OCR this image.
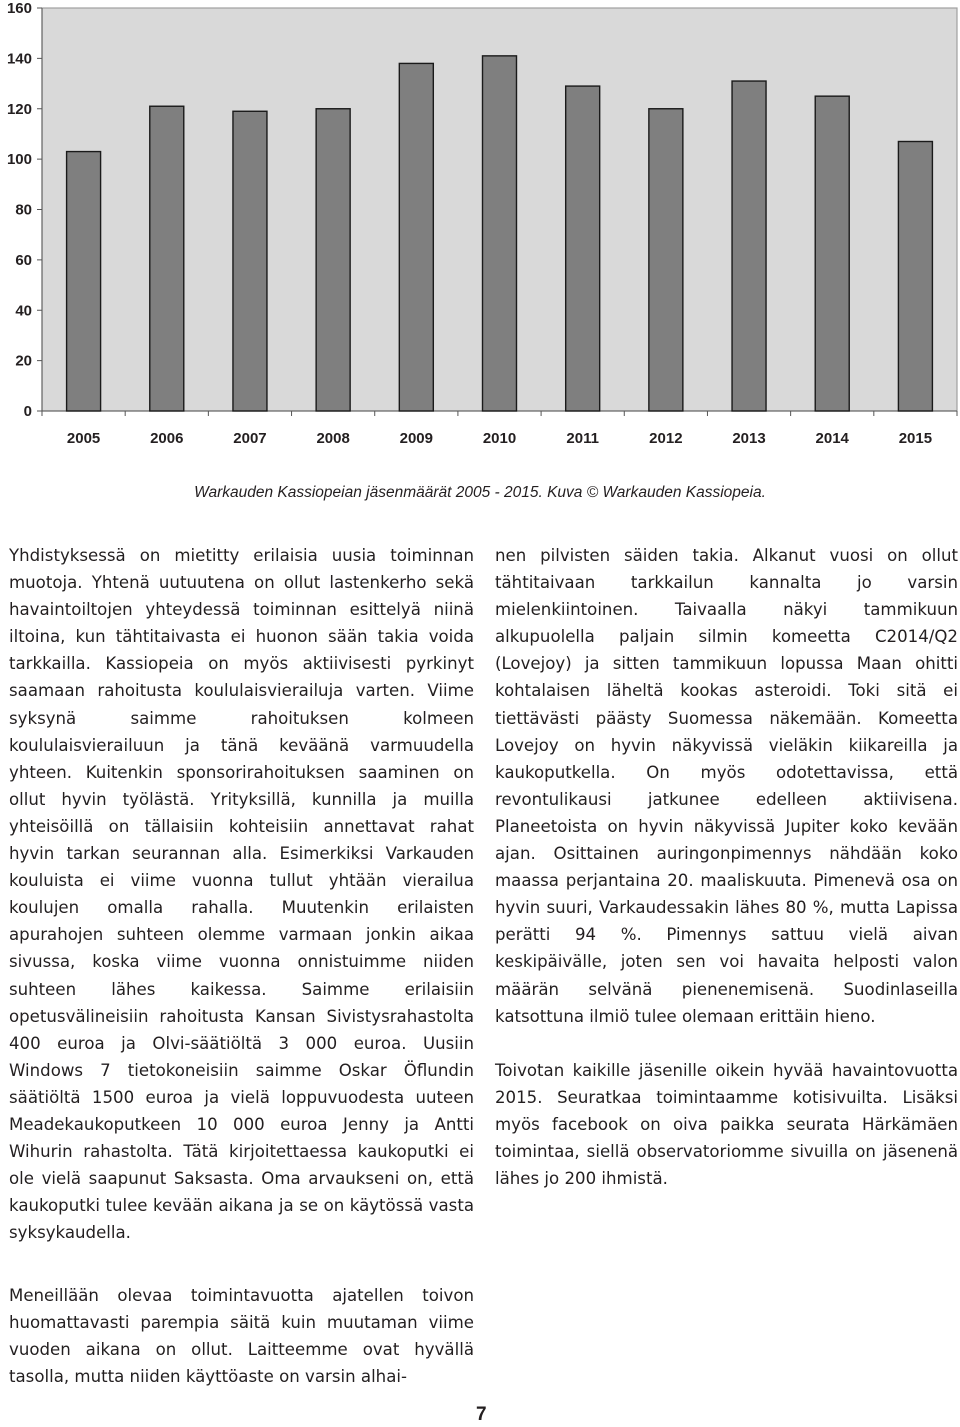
0
20
40
60
80
100
120
140
160
2005	2006	2007	2008	2009	2010	2011	2012	2013	2014	2015
Warkauden Kassiopeian jäsenmäärät 2005 - 2015. Kuva © Warkauden Kassiopeia.

Yhdistyksessä on mietitty erilaisia uusia toiminnan muotoja. Yhtenä uutuutena on ollut lastenkerho sekä havaintoiltojen yhteydessä toiminnan esittelyä niinä iltoina, kun tähtitaivasta ei huonon sään takia voida tarkkailla. Kassiopeia on myös aktiivisesti pyrkinyt saamaan rahoitusta koululaisvierailuja varten. Viime syksynä saimme rahoituksen kolmeen koululaisvierailuun ja tänä keväänä varmuudella yhteen. Kuitenkin sponsorirahoituksen saaminen on ollut hyvin työlästä. Yrityksillä, kunnilla ja muilla yhteisöillä on tällaisiin kohteisiin annettavat rahat hyvin tarkan seurannan alla. Esimerkiksi Varkauden kouluista ei viime vuonna tullut yhtään vierailua koulujen omalla rahalla. Muutenkin erilaisten apurahojen suhteen olemme varmaan jonkin aikaa sivussa, koska viime vuonna onnistuimme niiden suhteen lähes kaikessa. Saimme erilaisiin opetusvälineisiin rahoitusta Kansan Sivistysrahastolta 400 euroa ja Olvi-säätiöltä 3 000 euroa. Uusiin Windows 7 tietokoneisiin saimme Oskar Öflundin säätiöltä 1500 euroa ja vielä loppuvuodesta uuteen Meadekaukoputkeen 10 000 euroa Jenny ja Antti Wihurin rahastolta. Tätä kirjoitettaessa kaukoputki ei ole vielä saapunut Saksasta. Oma arvaukseni on, että kaukoputki tulee kevään aikana ja se on käytössä vasta syksykaudella.

Meneillään olevaa toimintavuotta ajatellen toivon huomattavasti parempia säitä kuin muutaman viime vuoden aikana on ollut. Laitteemme ovat hyvällä tasolla, mutta niiden käyttöaste on varsin alhai-

nen pilvisten säiden takia. Alkanut vuosi on ollut tähtitaivaan tarkkailun kannalta jo varsin mielenkiintoinen. Taivaalla näkyi tammikuun alkupuolella paljain silmin komeetta C2014/Q2 (Lovejoy) ja sitten tammikuun lopussa Maan ohitti kohtalaisen läheltä kookas asteroidi. Toki sitä ei tiettävästi päästy Suomessa näkemään. Komeetta Lovejoy on hyvin näkyvissä vieläkin kiikareilla ja kaukoputkella. On myös odotettavissa, että revontulikausi jatkunee edelleen aktiivisena. Planeetoista on hyvin näkyvissä Jupiter koko kevään ajan. Osittainen auringonpimennys nähdään koko maassa perjantaina 20. maaliskuuta. Pimenevä osa on hyvin suuri, Varkaudessakin lähes 80 %, mutta Lapissa perätti 94 %. Pimennys sattuu vielä aivan keskipäivälle, joten sen voi havaita helposti valon määrän selvänä pienenemisenä. Suodinlaseilla katsottuna ilmiö tulee olemaan erittäin hieno.

Toivotan kaikille jäsenille oikein hyvää havaintovuotta 2015. Seuratkaa toimintaamme kotisivuilta. Lisäksi myös facebook on oiva paikka seurata Härkämäen toimintaa, siellä observatoriomme sivuilla on jäsenenä lähes jo 200 ihmistä.

7
